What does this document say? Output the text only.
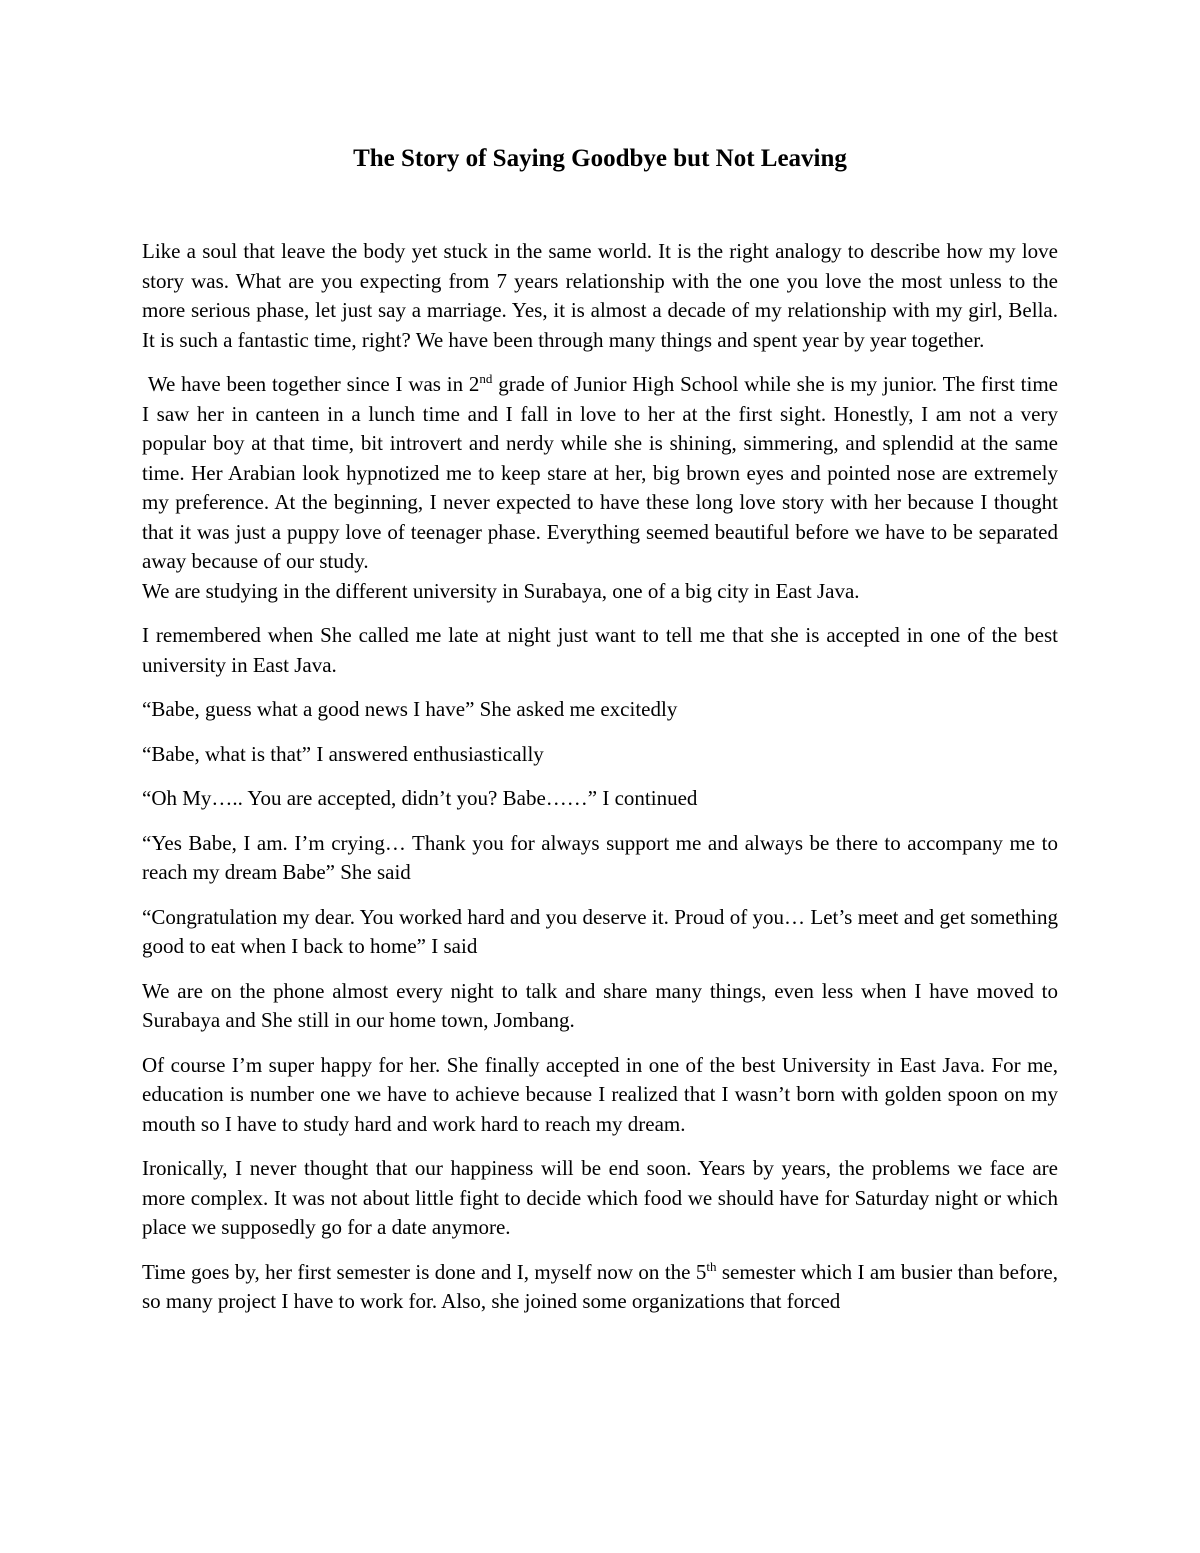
The Story of Saying Goodbye but Not Leaving

Like a soul that leave the body yet stuck in the same world. It is the right analogy to describe how my love story was. What are you expecting from 7 years relationship with the one you love the most unless to the more serious phase, let just say a marriage. Yes, it is almost a decade of my relationship with my girl, Bella. It is such a fantastic time, right? We have been through many things and spent year by year together.

We have been together since I was in 2nd grade of Junior High School while she is my junior. The first time I saw her in canteen in a lunch time and I fall in love to her at the first sight. Honestly, I am not a very popular boy at that time, bit introvert and nerdy while she is shining, simmering, and splendid at the same time. Her Arabian look hypnotized me to keep stare at her, big brown eyes and pointed nose are extremely my preference. At the beginning, I never expected to have these long love story with her because I thought that it was just a puppy love of teenager phase. Everything seemed beautiful before we have to be separated away because of our study.

We are studying in the different university in Surabaya, one of a big city in East Java.

I remembered when She called me late at night just want to tell me that she is accepted in one of the best university in East Java.

“Babe, guess what a good news I have” She asked me excitedly

“Babe, what is that” I answered enthusiastically

“Oh My….. You are accepted, didn’t you? Babe……” I continued

“Yes Babe, I am. I’m crying… Thank you for always support me and always be there to accompany me to reach my dream Babe” She said

“Congratulation my dear. You worked hard and you deserve it. Proud of you… Let’s meet and get something good to eat when I back to home” I said

We are on the phone almost every night to talk and share many things, even less when I have moved to Surabaya and She still in our home town, Jombang.

Of course I’m super happy for her. She finally accepted in one of the best University in East Java. For me, education is number one we have to achieve because I realized that I wasn’t born with golden spoon on my mouth so I have to study hard and work hard to reach my dream.

Ironically, I never thought that our happiness will be end soon. Years by years, the problems we face are more complex. It was not about little fight to decide which food we should have for Saturday night or which place we supposedly go for a date anymore.

Time goes by, her first semester is done and I, myself now on the 5th semester which I am busier than before, so many project I have to work for. Also, she joined some organizations that forced
